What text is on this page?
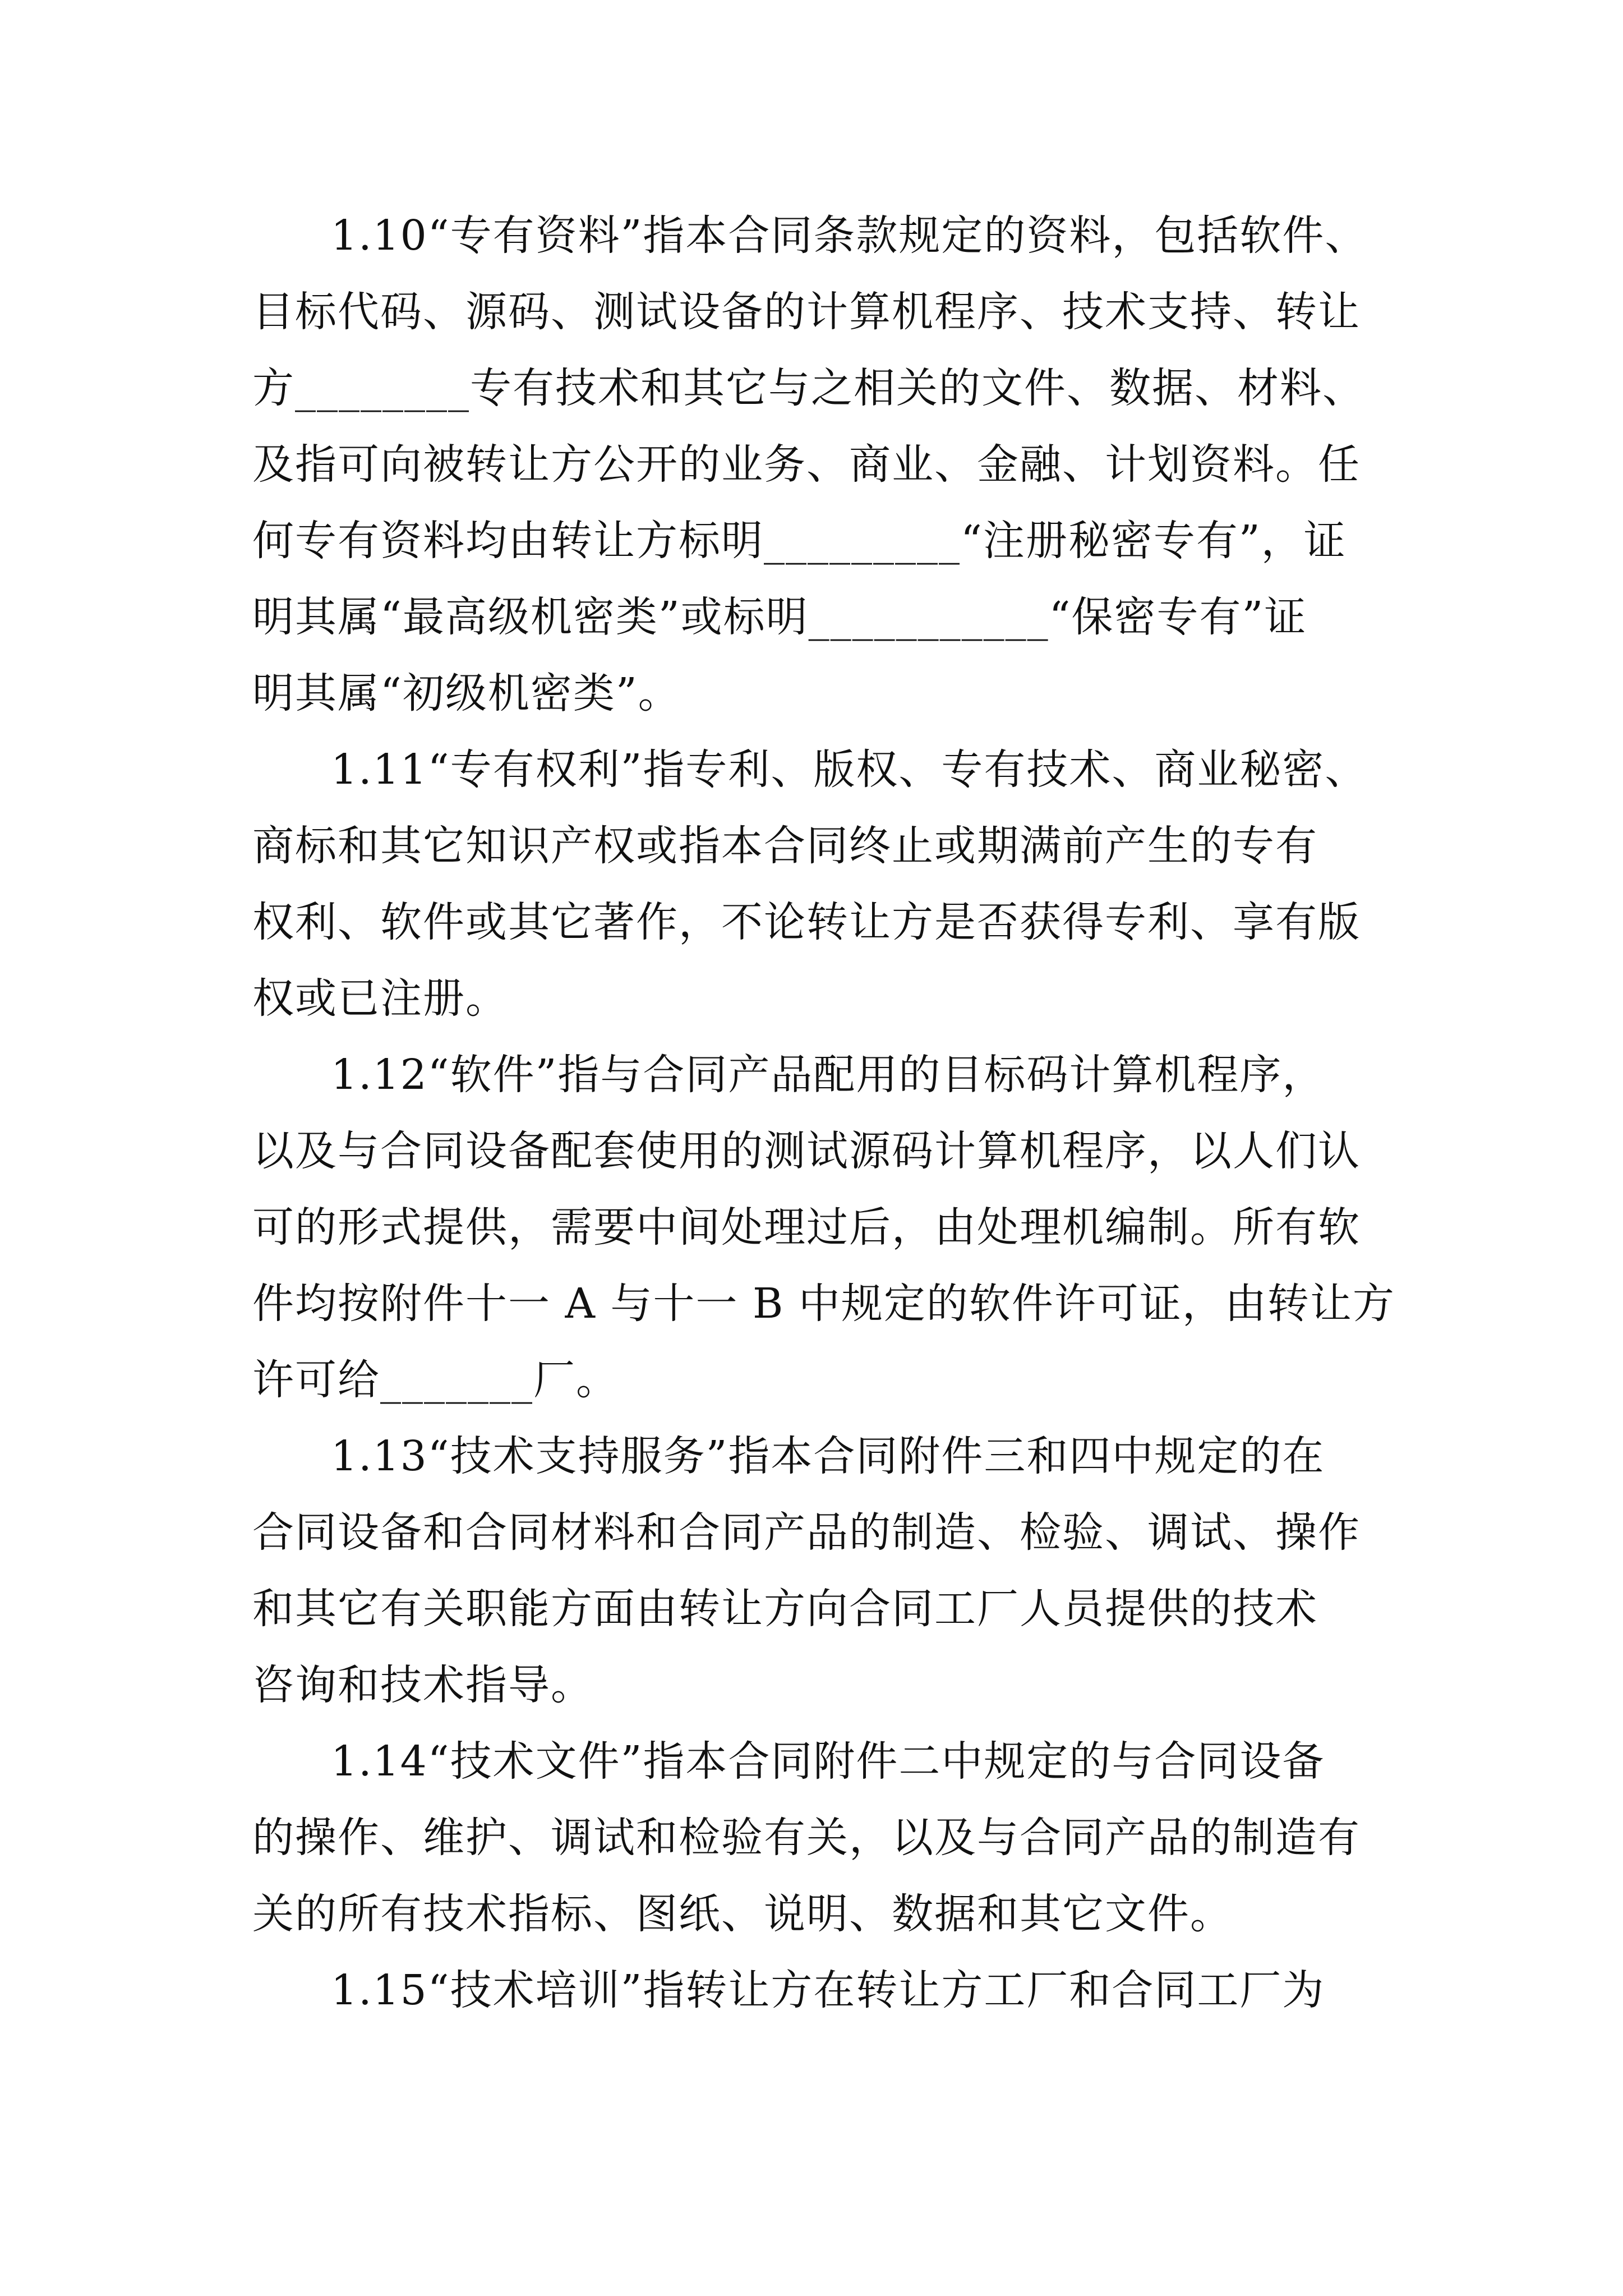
1.10“专有资料”指本合同条款规定的资料，包括软件、
目标代码、源码、测试设备的计算机程序、技术支持、转让
方________专有技术和其它与之相关的文件、数据、材料、
及指可向被转让方公开的业务、商业、金融、计划资料。任
何专有资料均由转让方标明_________“注册秘密专有”，证
明其属“最高级机密类”或标明___________“保密专有”证
明其属“初级机密类”。
1.11“专有权利”指专利、版权、专有技术、商业秘密、
商标和其它知识产权或指本合同终止或期满前产生的专有
权利、软件或其它著作，不论转让方是否获得专利、享有版
权或已注册。
1.12“软件”指与合同产品配用的目标码计算机程序，
以及与合同设备配套使用的测试源码计算机程序，以人们认
可的形式提供，需要中间处理过后，由处理机编制。所有软
件均按附件十一 A 与十一 B 中规定的软件许可证，由转让方
许可给_______厂。
1.13“技术支持服务”指本合同附件三和四中规定的在
合同设备和合同材料和合同产品的制造、检验、调试、操作
和其它有关职能方面由转让方向合同工厂人员提供的技术
咨询和技术指导。
1.14“技术文件”指本合同附件二中规定的与合同设备
的操作、维护、调试和检验有关，以及与合同产品的制造有
关的所有技术指标、图纸、说明、数据和其它文件。
1.15“技术培训”指转让方在转让方工厂和合同工厂为
